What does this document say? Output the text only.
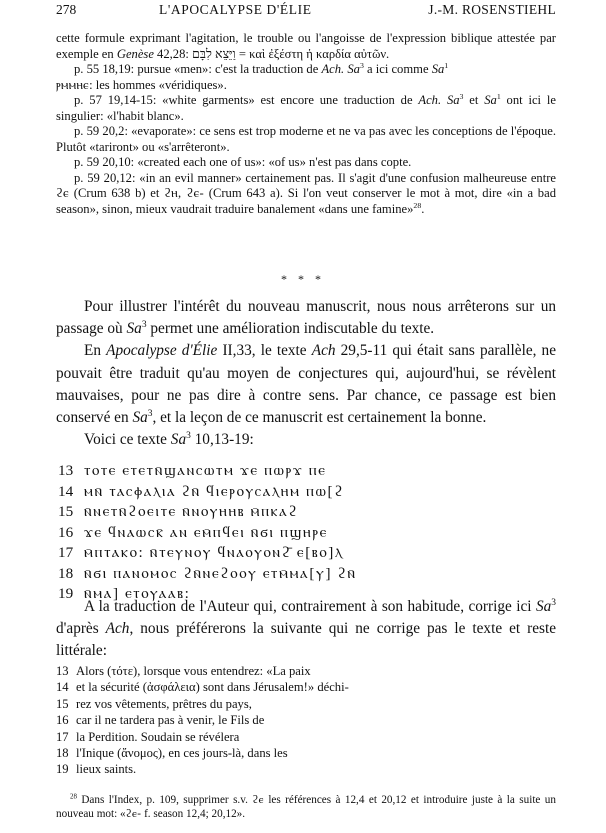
278	L'APOCALYPSE D'ÉLIE	J.-M. ROSENSTIEHL

cette formule exprimant l'agitation, le trouble ou l'angoisse de l'expression biblique attestée par exemple en Genèse 42,28: וַיֵּצֵא לִבָּם = καὶ ἐξέστη ἡ καρδία αὐτῶν.

p. 55 18,19: pursue «men»: c'est la traduction de Ach. Sa$^3$ a ici comme Sa$^1$
ⲣⲙⲙⲏⲉ: les hommes «véridiques».

p. 57 19,14-15: «white garments» est encore une traduction de Ach. Sa$^3$ et Sa$^1$ ont ici le singulier: «l'habit blanc».

p. 59 20,2: «evaporate»: ce sens est trop moderne et ne va pas avec les conceptions de l'époque. Plutôt «tariront» ou «s'arrêteront».

p. 59 20,10: «created each one of us»: «of us» n'est pas dans copte.

p. 59 20,12: «in an evil manner» certainement pas. Il s'agit d'une confusion malheureuse entre ϩⲉ (Crum 638 b) et ϩⲏ, ϩⲉ- (Crum 643 a). Si l'on veut conserver le mot à mot, dire «in a bad season», sinon, mieux vaudrait traduire banalement «dans une famine»$^{28}$.

* * *

Pour illustrer l'intérêt du nouveau manuscrit, nous nous arrêterons sur un passage où Sa$^3$ permet une amélioration indiscutable du texte.

En Apocalypse d'Élie II,33, le texte Ach 29,5-11 qui était sans parallèle, ne pouvait être traduit qu'au moyen de conjectures qui, aujourd'hui, se révèlent mauvaises, pour ne pas dire à contre sens. Par chance, ce passage est bien conservé en Sa$^3$, et la leçon de ce manuscrit est certainement la bonne.

Voici ce texte Sa$^3$ 10,13-19:

13 ⲧⲟⲧⲉ ⲉⲧⲉⲧⲛ̄ϣⲁⲛⲥⲱⲧⲙ ϫⲉ ⲡⲱⲣϫ ⲡⲉ
14 ⲙⲛ̄ ⲧⲁⲥⲫⲁⲗⲓⲁ ϩⲛ̄ ϥⲓⲉⲣⲟⲩⲥⲁⲗⲏⲙ ⲡⲱ[ϩ
15 ⲛ̄ⲛⲉⲧⲛ̄ϩⲟⲉⲓⲧⲉ ⲛ̄ⲛⲟⲩⲏⲏⲃ ⲙ̄ⲡⲕⲁϩ
16 ϫⲉ ϥⲛⲁⲱⲥⲕ̄ ⲁⲛ ⲉⲙ̄ⲡϥⲉⲓ ⲛ̄ϭⲓ ⲡϣⲏⲣⲉ
17 ⲙ̄ⲡⲧⲁⲕⲟ: ⲛ̄ⲧⲉⲩⲛⲟⲩ ϥⲛⲁⲟⲩⲟⲛϩ̄ ⲉ[ⲃⲟ]ⲗ
18 ⲛ̄ϭⲓ ⲡⲁⲛⲟⲙⲟⲥ ϩⲛ̄ⲛⲉϩⲟⲟⲩ ⲉⲧⲙ̄ⲙⲁ[ⲩ] ϩⲛ̄
19 ⲛ̄ⲙⲁ] ⲉⲧⲟⲩⲁⲁⲃ:

A la traduction de l'Auteur qui, contrairement à son habitude, corrige ici Sa$^3$ d'après Ach, nous préférerons la suivante qui ne corrige pas le texte et reste littérale:

13 Alors (τότε), lorsque vous entendrez: «La paix
14 et la sécurité (ἀσφάλεια) sont dans Jérusalem!» déchi-
15 rez vos vêtements, prêtres du pays,
16 car il ne tardera pas à venir, le Fils de
17 la Perdition. Soudain se révélera
18 l'Inique (ἄνομος), en ces jours-là, dans les
19 lieux saints.

$^{28}$ Dans l'Index, p. 109, supprimer s.v. ϩⲉ les références à 12,4 et 20,12 et introduire juste à la suite un nouveau mot: «ϩⲉ- f. season 12,4; 20,12».
